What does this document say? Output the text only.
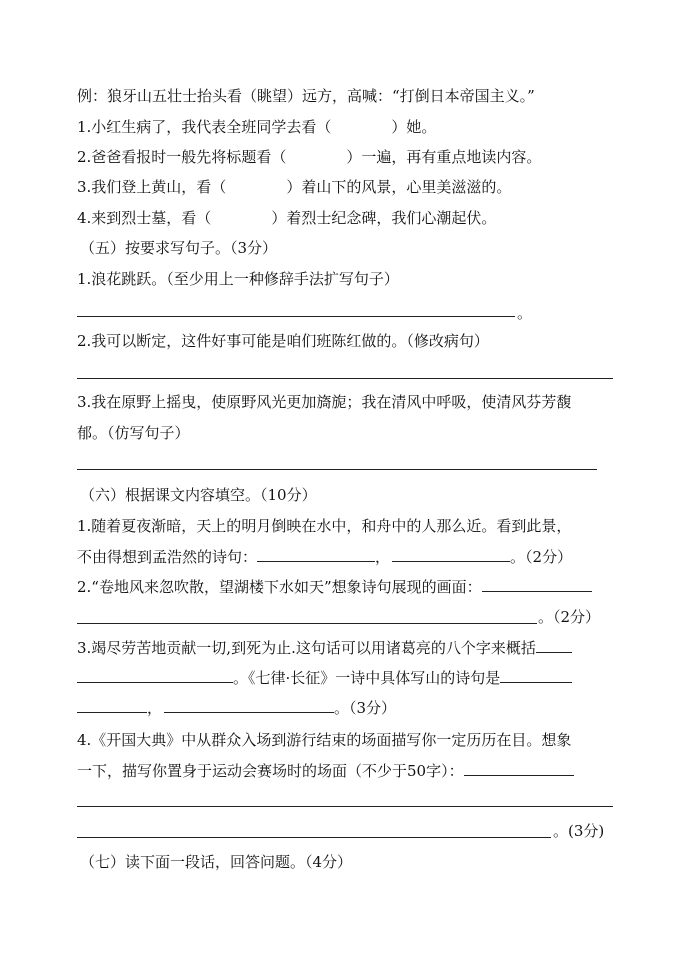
例：狼牙山五壮士抬头看（眺望）远方，高喊：“打倒日本帝国主义。”
1.小红生病了，我代表全班同学去看（	）她。
2.爸爸看报时一般先将标题看（	）一遍，再有重点地读内容。
3.我们登上黄山，看（	）着山下的风景，心里美滋滋的。
4.来到烈士墓，看（	）着烈士纪念碑，我们心潮起伏。
（五）按要求写句子。（3分）
1.浪花跳跃。（至少用上一种修辞手法扩写句子）
。
2.我可以断定，这件好事可能是咱们班陈红做的。（修改病句）
3.我在原野上摇曳，使原野风光更加旖旎；我在清风中呼吸，使清风芬芳馥
郁。（仿写句子）
（六）根据课文内容填空。（10分）
1.随着夏夜渐暗，天上的明月倒映在水中，和舟中的人那么近。看到此景，
不由得想到孟浩然的诗句：	，	。（2分）
2.“卷地风来忽吹散，望湖楼下水如天”想象诗句展现的画面：
。（2分）
3.竭尽劳苦地贡献一切,到死为止.这句话可以用诸葛亮的八个字来概括
。《七律·长征》一诗中具体写山的诗句是
，	。（3分）
4.《开国大典》中从群众入场到游行结束的场面描写你一定历历在目。想象
一下，描写你置身于运动会赛场时的场面（不少于50字）：
。(3分)
（七）读下面一段话，回答问题。（4分）
